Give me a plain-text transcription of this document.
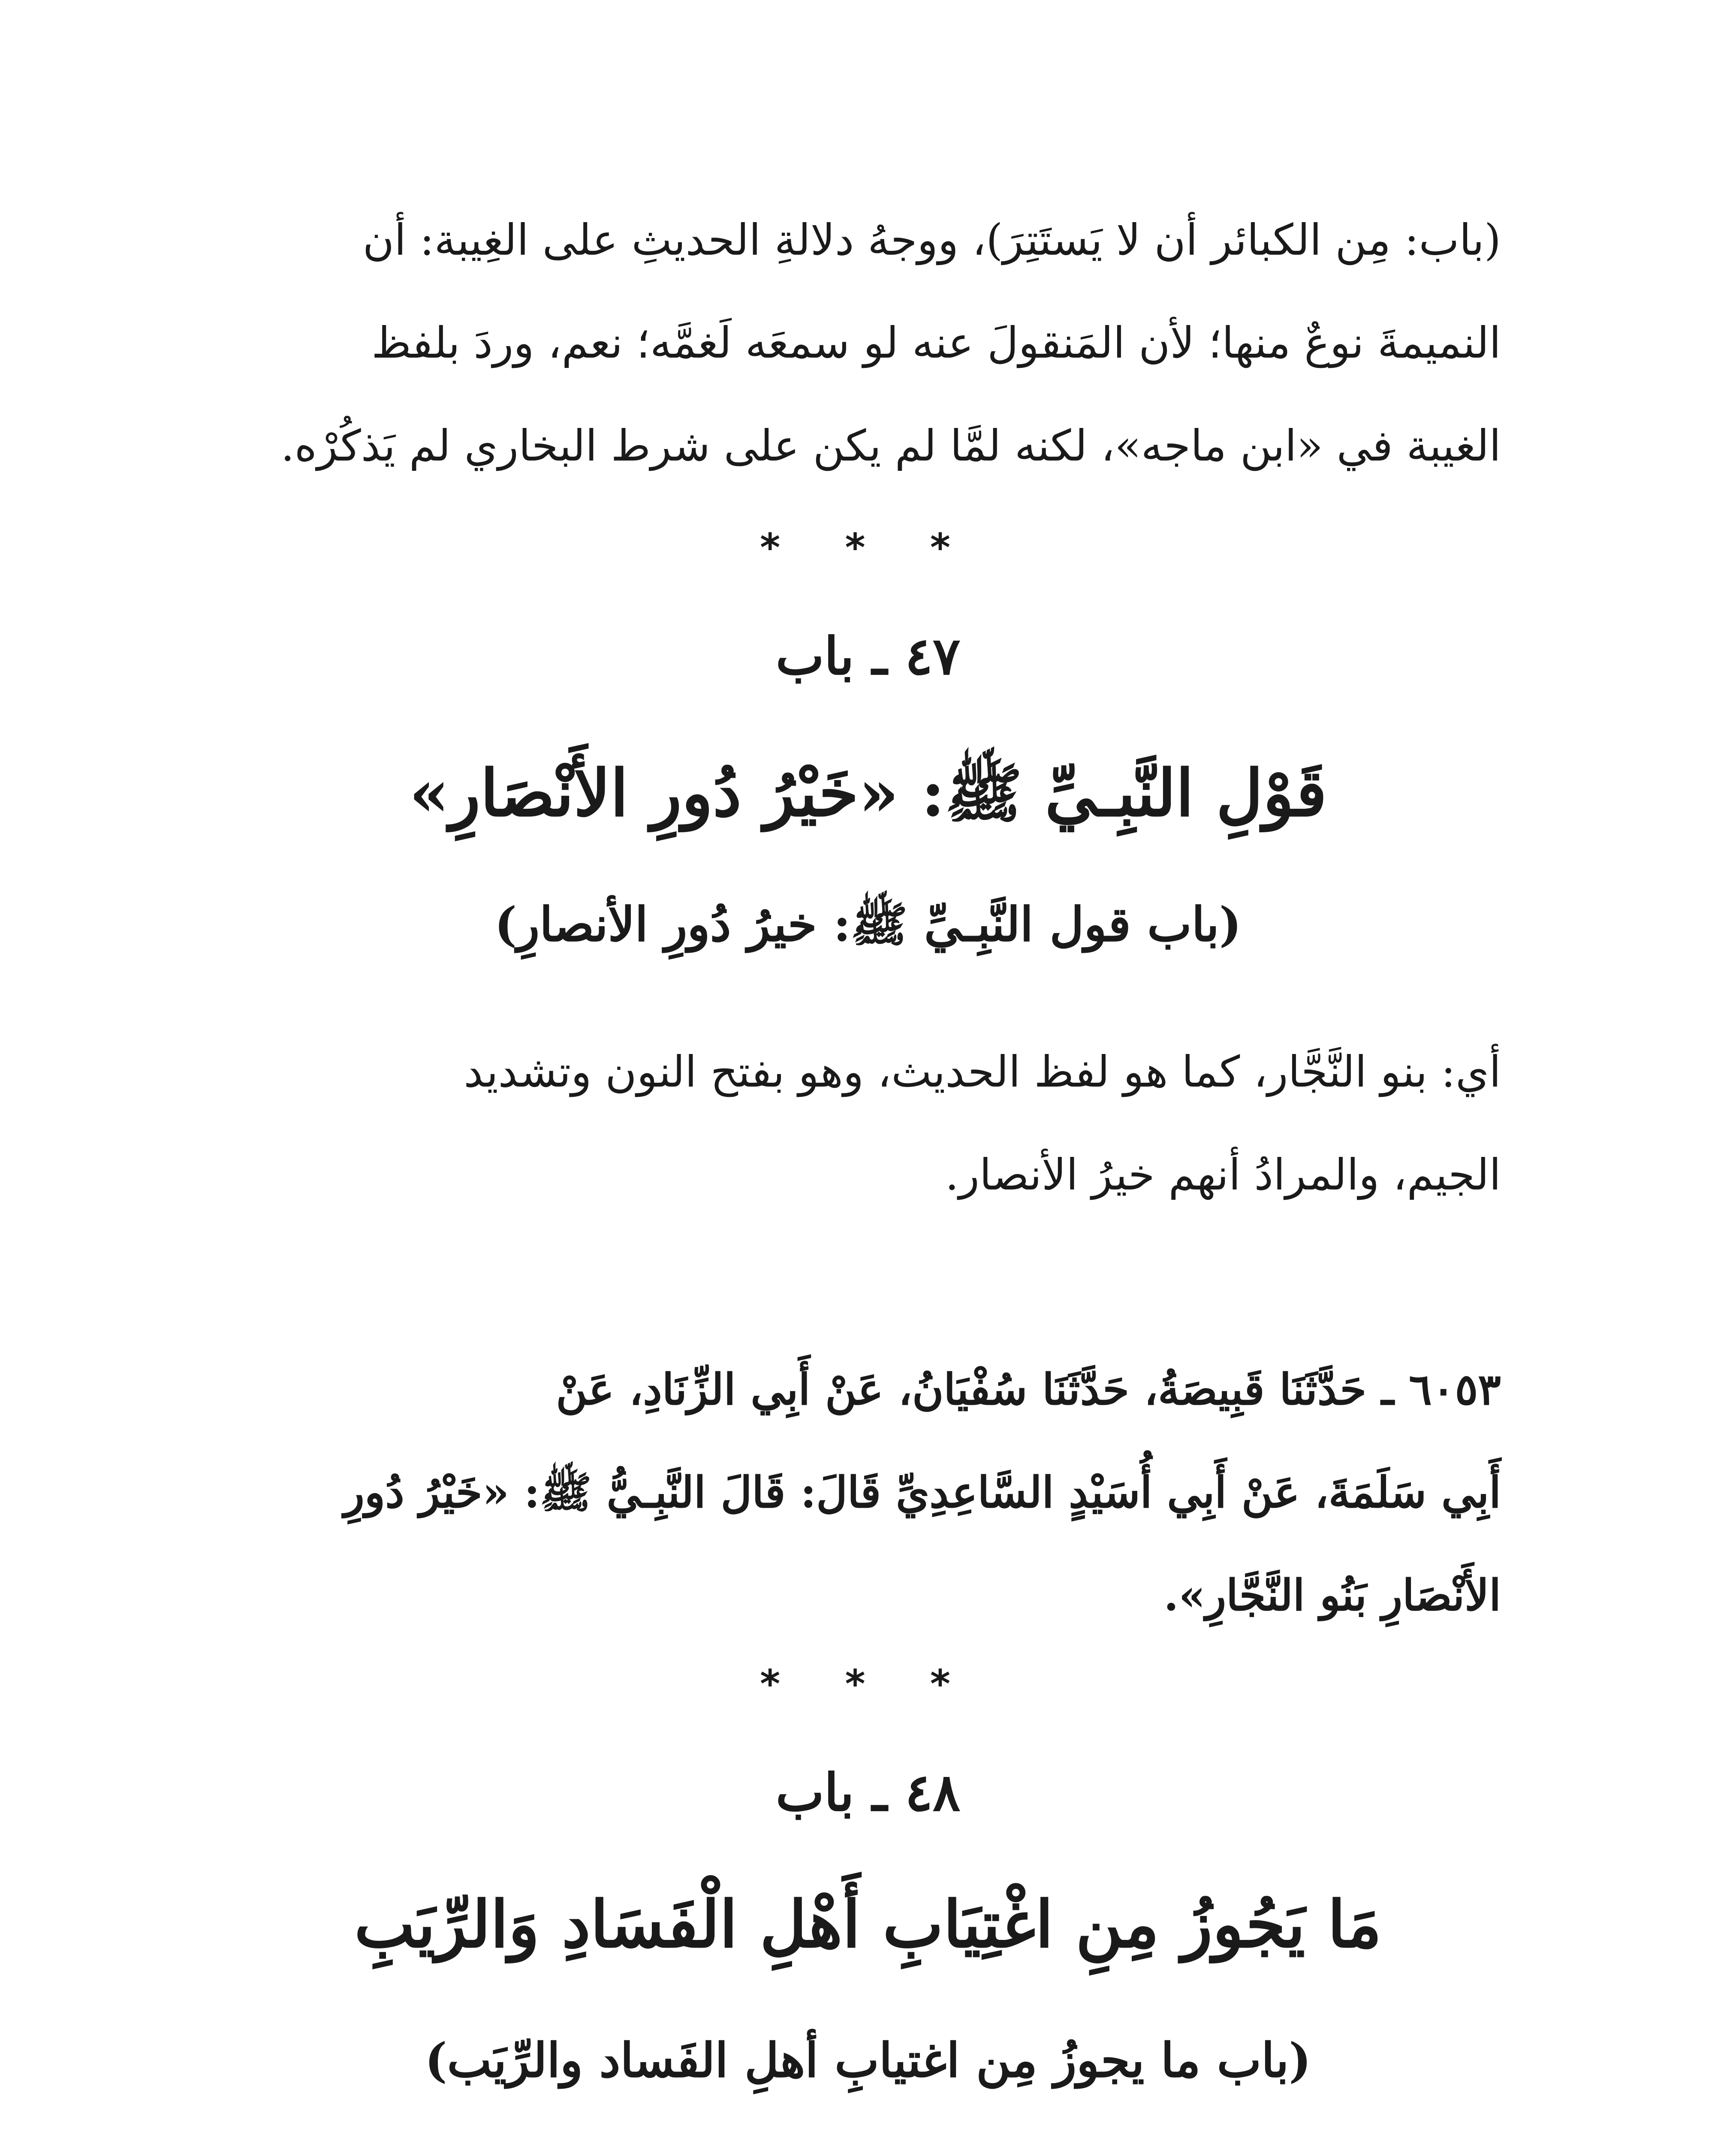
(باب: مِن الكبائر أن لا يَستَتِرَ)، ووجهُ دلالةِ الحديثِ على الغِيبة: أن

النميمةَ نوعٌ منها؛ لأن المَنقولَ عنه لو سمعَه لَغمَّه؛ نعم، وردَ بلفظ

الغيبة في «ابن ماجه»، لكنه لمَّا لم يكن على شرط البخاري لم يَذكُرْه.

* * *

٤٧ ـ باب

قَوْلِ النَّبِـيِّ ﷺ: «خَيْرُ دُورِ الأَنْصَارِ»

(باب قول النَّبِـيِّ ﷺ: خيرُ دُورِ الأنصارِ)

أي: بنو النَّجَّار، كما هو لفظ الحديث، وهو بفتح النون وتشديد

الجيم، والمرادُ أنهم خيرُ الأنصار.

٦٠٥٣ ـ حَدَّثَنَا قَبِيصَةُ، حَدَّثَنَا سُفْيَانُ، عَنْ أَبِي الزِّنَادِ، عَنْ

أَبِي سَلَمَةَ، عَنْ أَبِي أُسَيْدٍ السَّاعِدِيِّ قَالَ: قَالَ النَّبِـيُّ ﷺ: «خَيْرُ دُورِ

الأَنْصَارِ بَنُو النَّجَّارِ».

* * *

٤٨ ـ باب

مَا يَجُوزُ مِنِ اغْتِيَابِ أَهْلِ الْفَسَادِ وَالرِّيَبِ

(باب ما يجوزُ مِن اغتيابِ أهلِ الفَساد والرِّيَب)
